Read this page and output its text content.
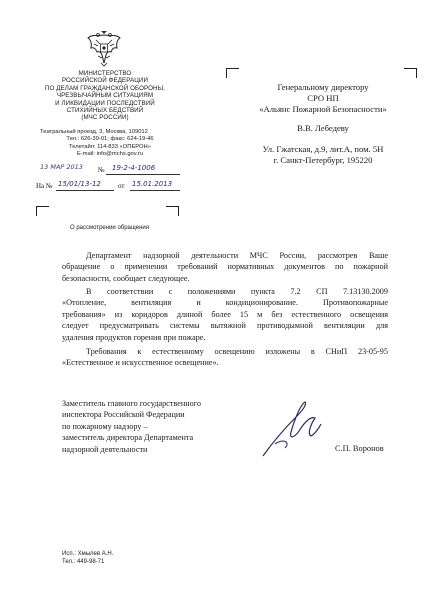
МИНИСТЕРСТВО
РОССИЙСКОЙ ФЕДЕРАЦИИ
ПО ДЕЛАМ ГРАЖДАНСКОЙ ОБОРОНЫ,
ЧРЕЗВЫЧАЙНЫМ СИТУАЦИЯМ
И ЛИКВИДАЦИИ ПОСЛЕДСТВИЙ
СТИХИЙНЫХ БЕДСТВИЙ
(МЧС РОССИИ)
Театральный проезд, 3, Москва, 109012
Тел.: 626-39-01; факс: 624-19-46
Телетайп: 114-833 «ОПЕРОН»
E-mail: info@mchs.gov.ru
13 МАР 2013 № 19-2-4-1006
На № 15/01/13-12 от 15.01.2013
Генеральному директору
СРО НП
«Альянс Пожарной Безопасности»
В.В. Лебедеву
Ул. Гжатская, д.9, лит.А, пом. 5Н
г. Санкт-Петербург, 195220
О рассмотрении обращения
Департамент надзорной деятельности МЧС России, рассмотрев Ваше
обращение о применении требований нормативных документов по пожарной
безопасности, сообщает следующее.
В соответствии с положениями пункта 7.2 СП 7.13130.2009
«Отопление, вентиляция и кондиционирование. Противопожарные
требования» из коридоров длиной более 15 м без естественного освещения
следует предусматривать системы вытяжной противодымной вентиляции для
удаления продуктов горения при пожаре.
Требования к естественному освещению изложены в СНиП 23-05-95
«Естественное и искусственное освещение».
Заместитель главного государственного
инспектора Российской Федерации
по пожарному надзору –
заместитель директора Департамента
надзорной деятельности	С.П. Воронов
Исп.: Хмылев А.Н.
Тел.: 449-98-71
